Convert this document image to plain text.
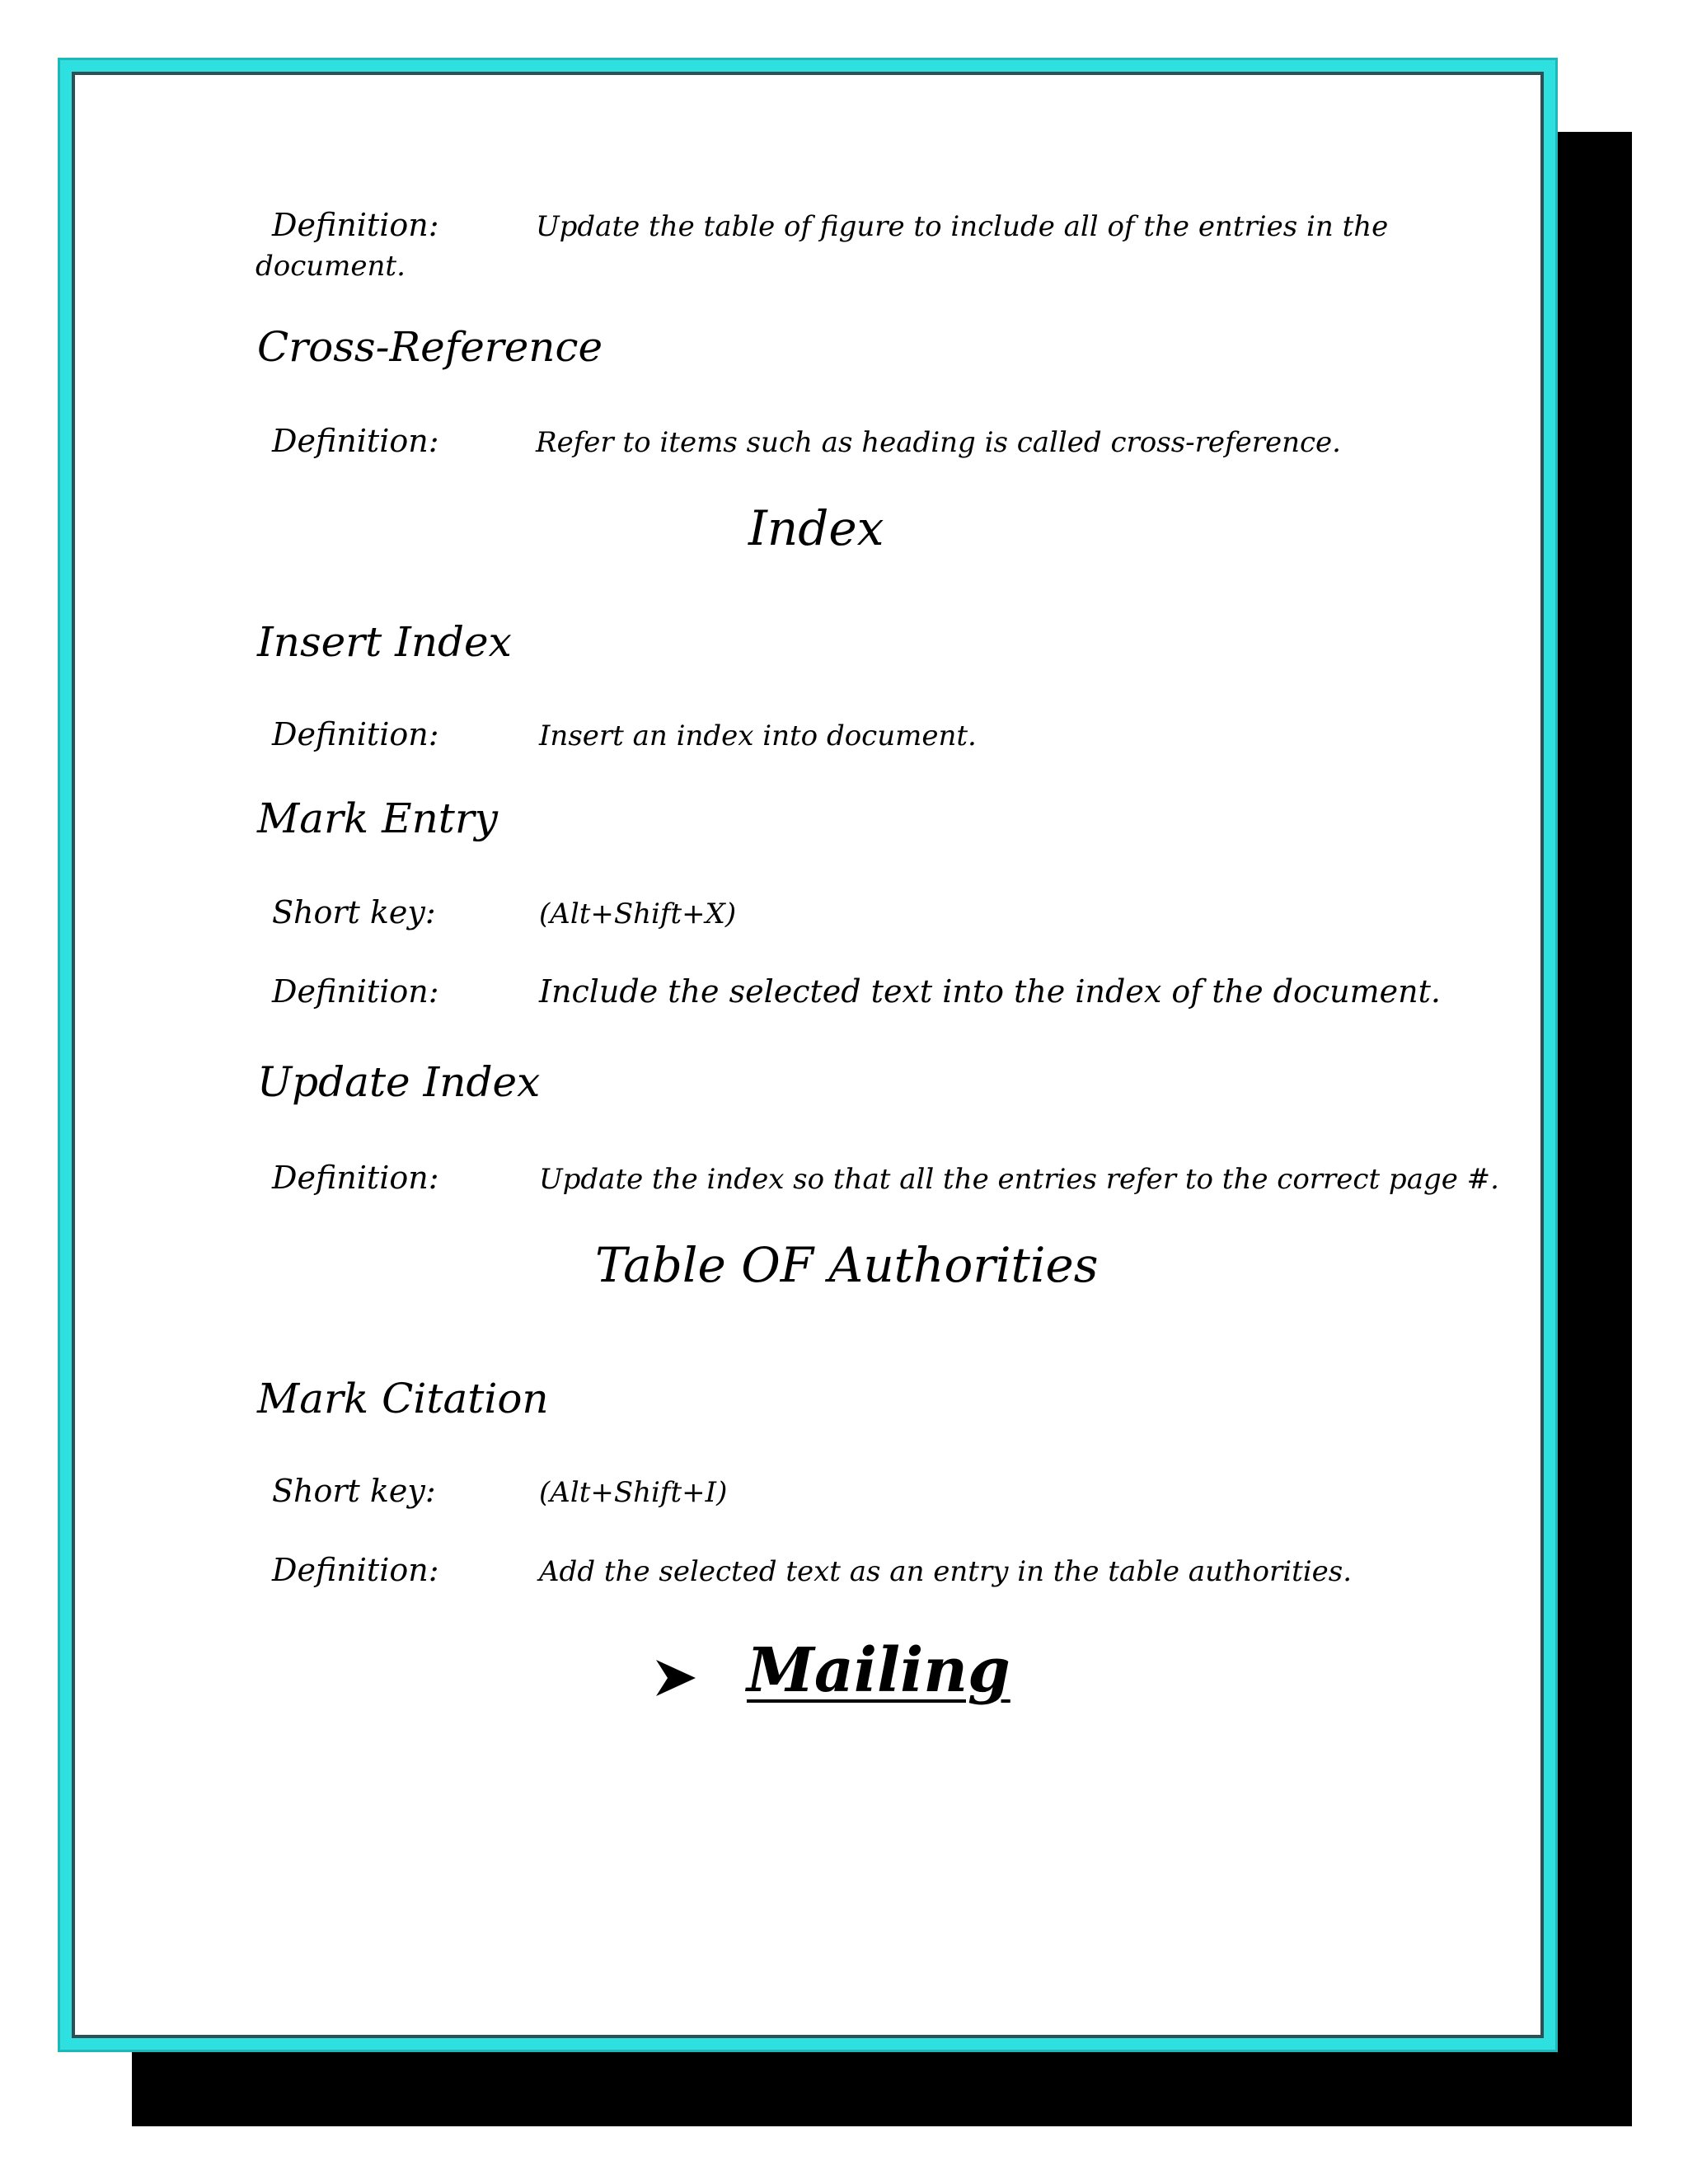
Definition:	Update the table of figure to include all of the entries in the
document.
Cross-Reference
Definition:	Refer to items such as heading is called cross-reference.
Index
Insert Index
Definition:	Insert an index into document.
Mark Entry
Short key:	(Alt+Shift+X)
Definition:	Include the selected text into the index of the document.
Update Index
Definition:	Update the index so that all the entries refer to the correct page #.
Table OF Authorities
Mark Citation
Short key:	(Alt+Shift+I)
Definition:	Add the selected text as an entry in the table authorities.
Mailing
